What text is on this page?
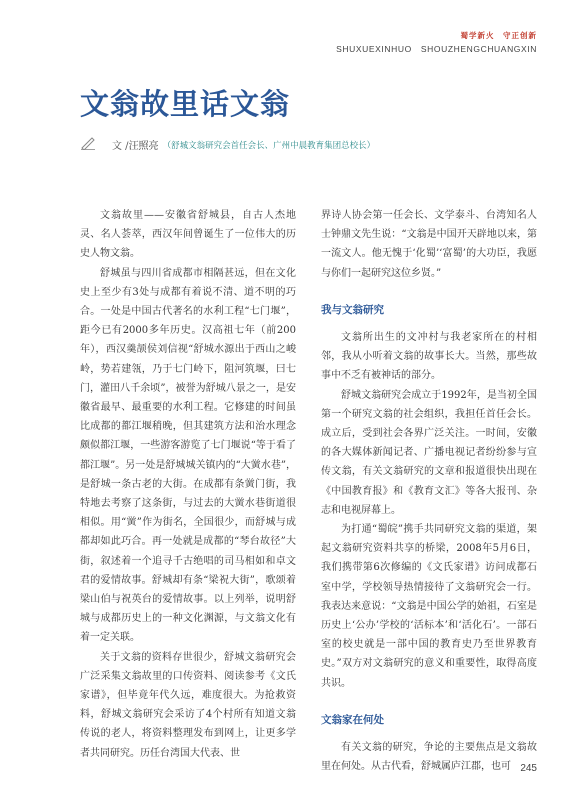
蜀学新火　守正创新
SHUXUEXINHUO　SHOUZHENGCHUANGXIN
文翁故里话文翁
文 / 汪照亮 （舒城文翁研究会首任会长、广州中晨教育集团总校长）

文翁故里——安徽省舒城县，自古人杰地灵、名人荟萃，西汉年间曾诞生了一位伟大的历史人物文翁。

舒城虽与四川省成都市相隔甚远，但在文化史上至少有3处与成都有着说不清、道不明的巧合。一处是中国古代著名的水利工程“七门堰”，距今已有2000多年历史。汉高祖七年（前200年），西汉羹颉侯刘信视“舒城水源出于西山之峻岭，势若建瓴，乃于七门岭下，阻河筑堰，曰七门，灌田八千余顷”，被誉为舒城八景之一，是安徽省最早、最重要的水利工程。它修建的时间虽比成都的都江堰稍晚，但其建筑方法和治水理念颇似都江堰，一些游客游览了七门堰说“等于看了都江堰”。另一处是舒城城关镇内的“大黉水巷”，是舒城一条古老的大街。在成都有条黉门街，我特地去考察了这条街，与过去的大黉水巷街道很相似。用“黉”作为街名，全国很少，而舒城与成都却如此巧合。再一处就是成都的“琴台故径”大街，叙述着一个追寻千古绝唱的司马相如和卓文君的爱情故事。舒城却有条“梁祝大街”，歌颂着梁山伯与祝英台的爱情故事。以上列举，说明舒城与成都历史上的一种文化渊源，与文翁文化有着一定关联。

关于文翁的资料存世很少，舒城文翁研究会广泛采集文翁故里的口传资料、阅读参考《文氏家谱》，但毕竟年代久远，难度很大。为抢救资料，舒城文翁研究会采访了4个村所有知道文翁传说的老人，将资料整理发布到网上，让更多学者共同研究。历任台湾国大代表、世

界诗人协会第一任会长、文学泰斗、台湾知名人士钟鼎文先生说：“文翁是中国开天辟地以来，第一流文人。他无愧于‘化蜀’‘富蜀’的大功臣，我愿与你们一起研究这位乡贤。”

我与文翁研究

文翁所出生的文冲村与我老家所在的村相邻，我从小听着文翁的故事长大。当然，那些故事中不乏有被神话的部分。

舒城文翁研究会成立于1992年，是当初全国第一个研究文翁的社会组织，我担任首任会长。成立后，受到社会各界广泛关注。一时间，安徽的各大媒体新闻记者、广播电视记者纷纷参与宣传文翁，有关文翁研究的文章和报道很快出现在《中国教育报》和《教育文汇》等各大报刊、杂志和电视屏幕上。

为打通“蜀皖”携手共同研究文翁的渠道，架起文翁研究资料共享的桥梁，2008年5月6日，我们携带第6次修编的《文氏家谱》访问成都石室中学，学校领导热情接待了文翁研究会一行。我表达来意说：“文翁是中国公学的始祖，石室是历史上‘公办’学校的‘活标本’和‘活化石’。一部石室的校史就是一部中国的教育史乃至世界教育史。”双方对文翁研究的意义和重要性，取得高度共识。

文翁家在何处

有关文翁的研究，争论的主要焦点是文翁故里在何处。从古代看，舒城属庐江郡，也可 245
